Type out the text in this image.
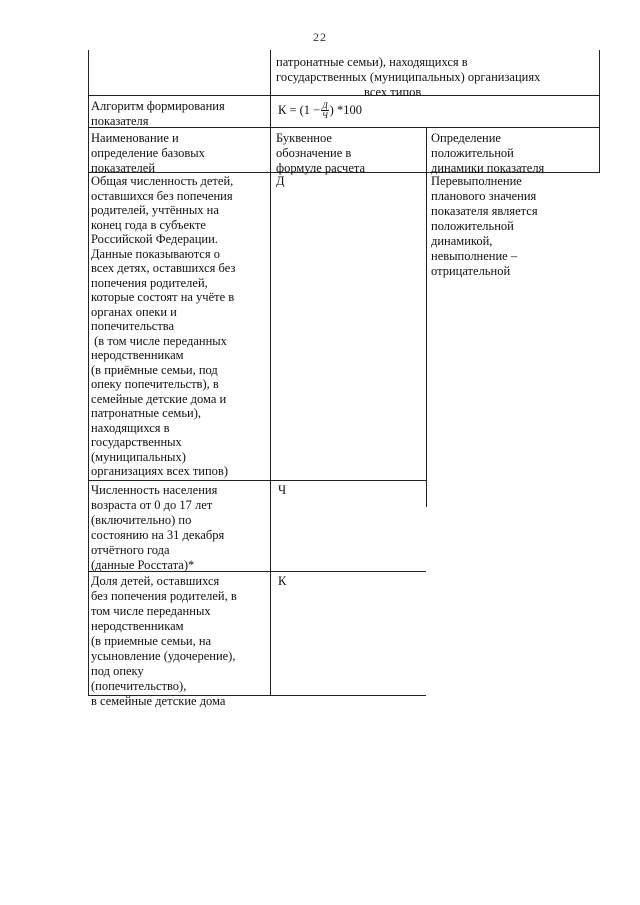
22

патронатные семьи), находящихся в

государственных (муниципальных) организациях

всех типов

Алгоритм формирования

показателя

$К = (1 - \frac{Д}{Ч}$ ) *100

Наименование и

определение базовых

показателей

Буквенное

обозначение в

формуле расчета

Определение

положительной

динамики показателя

Общая численность детей,

оставшихся без попечения

родителей, учтённых на

конец года в субъекте

Российской Федерации.

Данные показываются о

всех детях, оставшихся без

попечения родителей,

которые состоят на учёте в

органах опеки и

попечительства

(в том числе переданных

неродственникам

(в приёмные семьи, под

опеку попечительств), в

семейные детские дома и

патронатные семьи),

находящихся в

государственных

(муниципальных)

организациях всех типов)

Д	Перевыполнение

планового значения

показателя является

положительной

динамикой,

невыполнение –

отрицательной

Численность населения

возраста от 0 до 17 лет

(включительно) по

состоянию на 31 декабря

отчётного года

(данные Росстата)*

Ч

Доля детей, оставшихся

без попечения родителей, в

том числе переданных

неродственникам

(в приемные семьи, на

усыновление (удочерение),

под опеку

(попечительство),

в семейные детские дома

К
